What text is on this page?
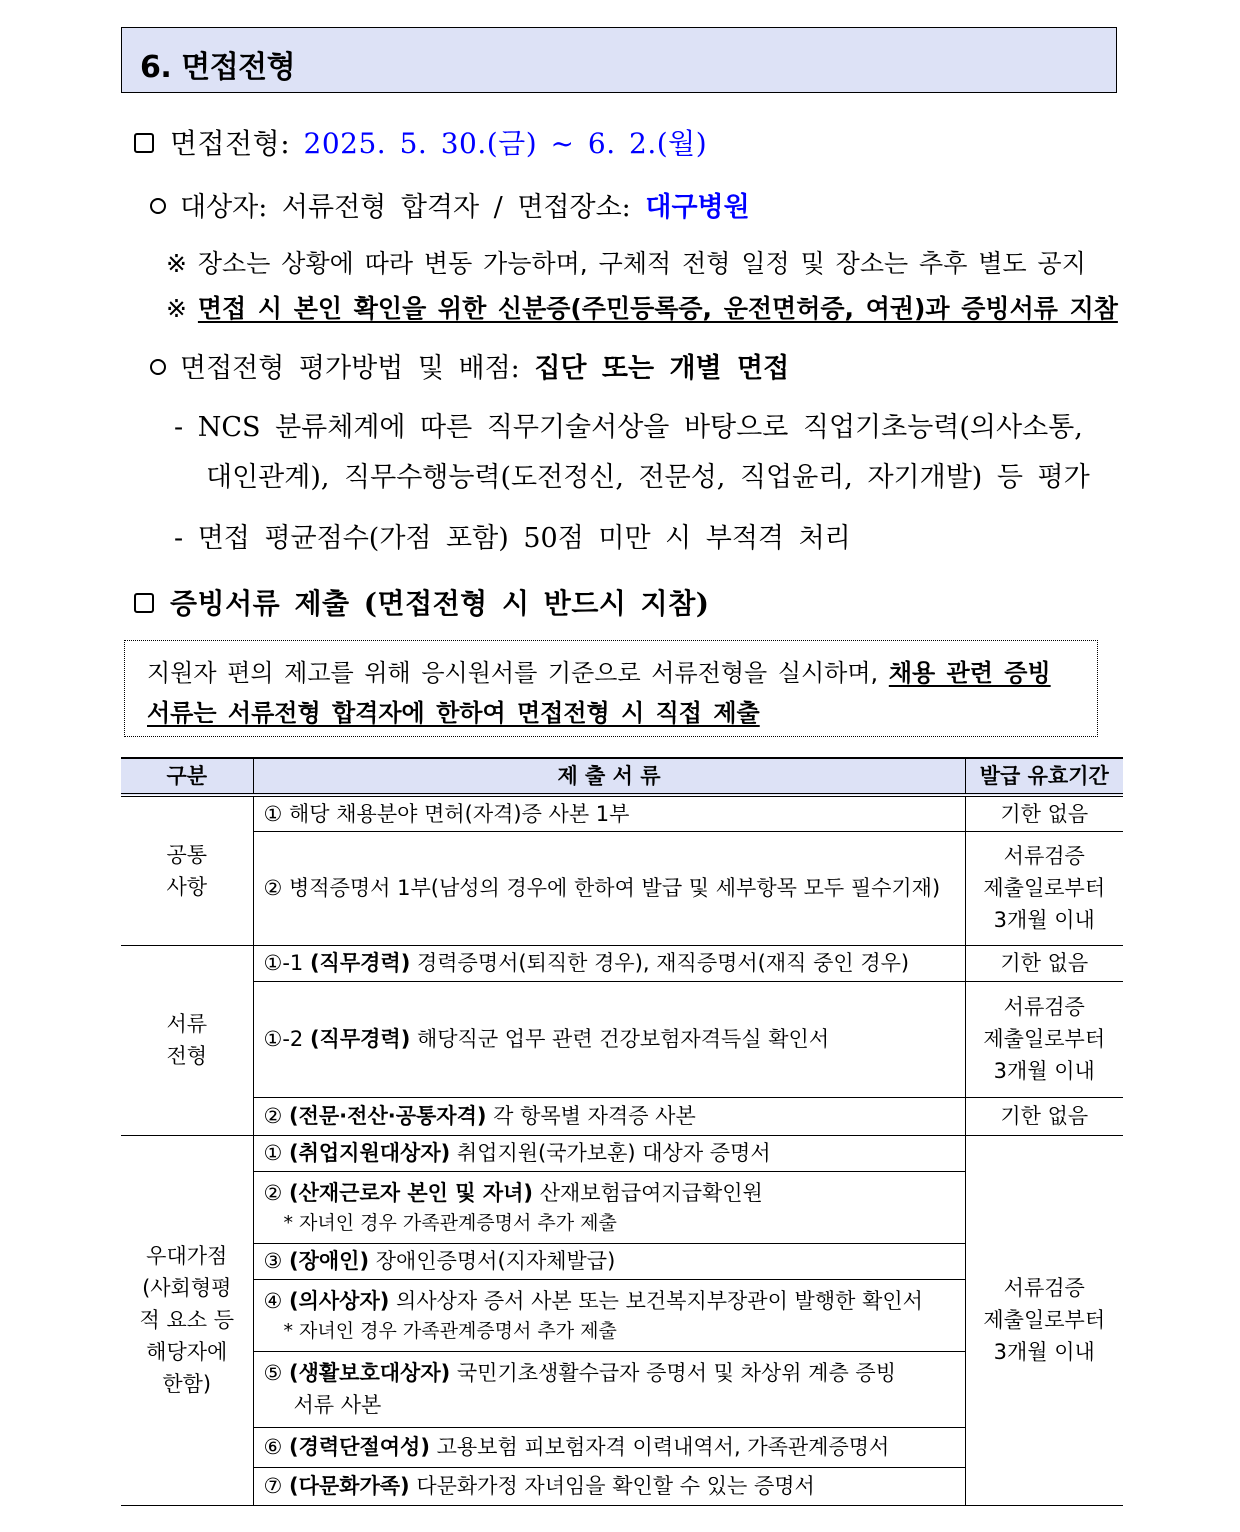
6. 면접전형
면접전형: 2025. 5. 30.(금) ~ 6. 2.(월)
대상자: 서류전형 합격자 / 면접장소: 대구병원
※ 장소는 상황에 따라 변동 가능하며, 구체적 전형 일정 및 장소는 추후 별도 공지
※ 면접 시 본인 확인을 위한 신분증(주민등록증, 운전면허증, 여권)과 증빙서류 지참
면접전형 평가방법 및 배점: 집단 또는 개별 면접
- NCS 분류체계에 따른 직무기술서상을 바탕으로 직업기초능력(의사소통,
대인관계), 직무수행능력(도전정신, 전문성, 직업윤리, 자기개발) 등 평가
- 면접 평균점수(가점 포함) 50점 미만 시 부적격 처리
증빙서류 제출 (면접전형 시 반드시 지참)
지원자 편의 제고를 위해 응시원서를 기준으로 서류전형을 실시하며, 채용 관련 증빙
서류는 서류전형 합격자에 한하여 면접전형 시 직접 제출
구분	제 출 서 류	발급 유효기간
공통
사항	① 해당 채용분야 면허(자격)증 사본 1부	기한 없음
	② 병적증명서 1부(남성의 경우에 한하여 발급 및 세부항목 모두 필수기재)	서류검증
제출일로부터
3개월 이내
서류
전형	①-1 (직무경력) 경력증명서(퇴직한 경우), 재직증명서(재직 중인 경우)	기한 없음
	①-2 (직무경력) 해당직군 업무 관련 건강보험자격득실 확인서	서류검증
제출일로부터
3개월 이내
	② (전문·전산·공통자격) 각 항목별 자격증 사본	기한 없음
우대가점
(사회형평
적 요소 등
해당자에
한함)	① (취업지원대상자) 취업지원(국가보훈) 대상자 증명서	서류검증
제출일로부터
3개월 이내
	② (산재근로자 본인 및 자녀) 산재보험급여지급확인원
* 자녀인 경우 가족관계증명서 추가 제출	

	③ (장애인) 장애인증명서(지자체발급)	
	④ (의사상자) 의사상자 증서 사본 또는 보건복지부장관이 발행한 확인서
* 자녀인 경우 가족관계증명서 추가 제출	

	⑤ (생활보호대상자) 국민기초생활수급자 증명서 및 차상위 계층 증빙
서류 사본	

	⑥ (경력단절여성) 고용보험 피보험자격 이력내역서, 가족관계증명서	
	⑦ (다문화가족) 다문화가정 자녀임을 확인할 수 있는 증명서	
